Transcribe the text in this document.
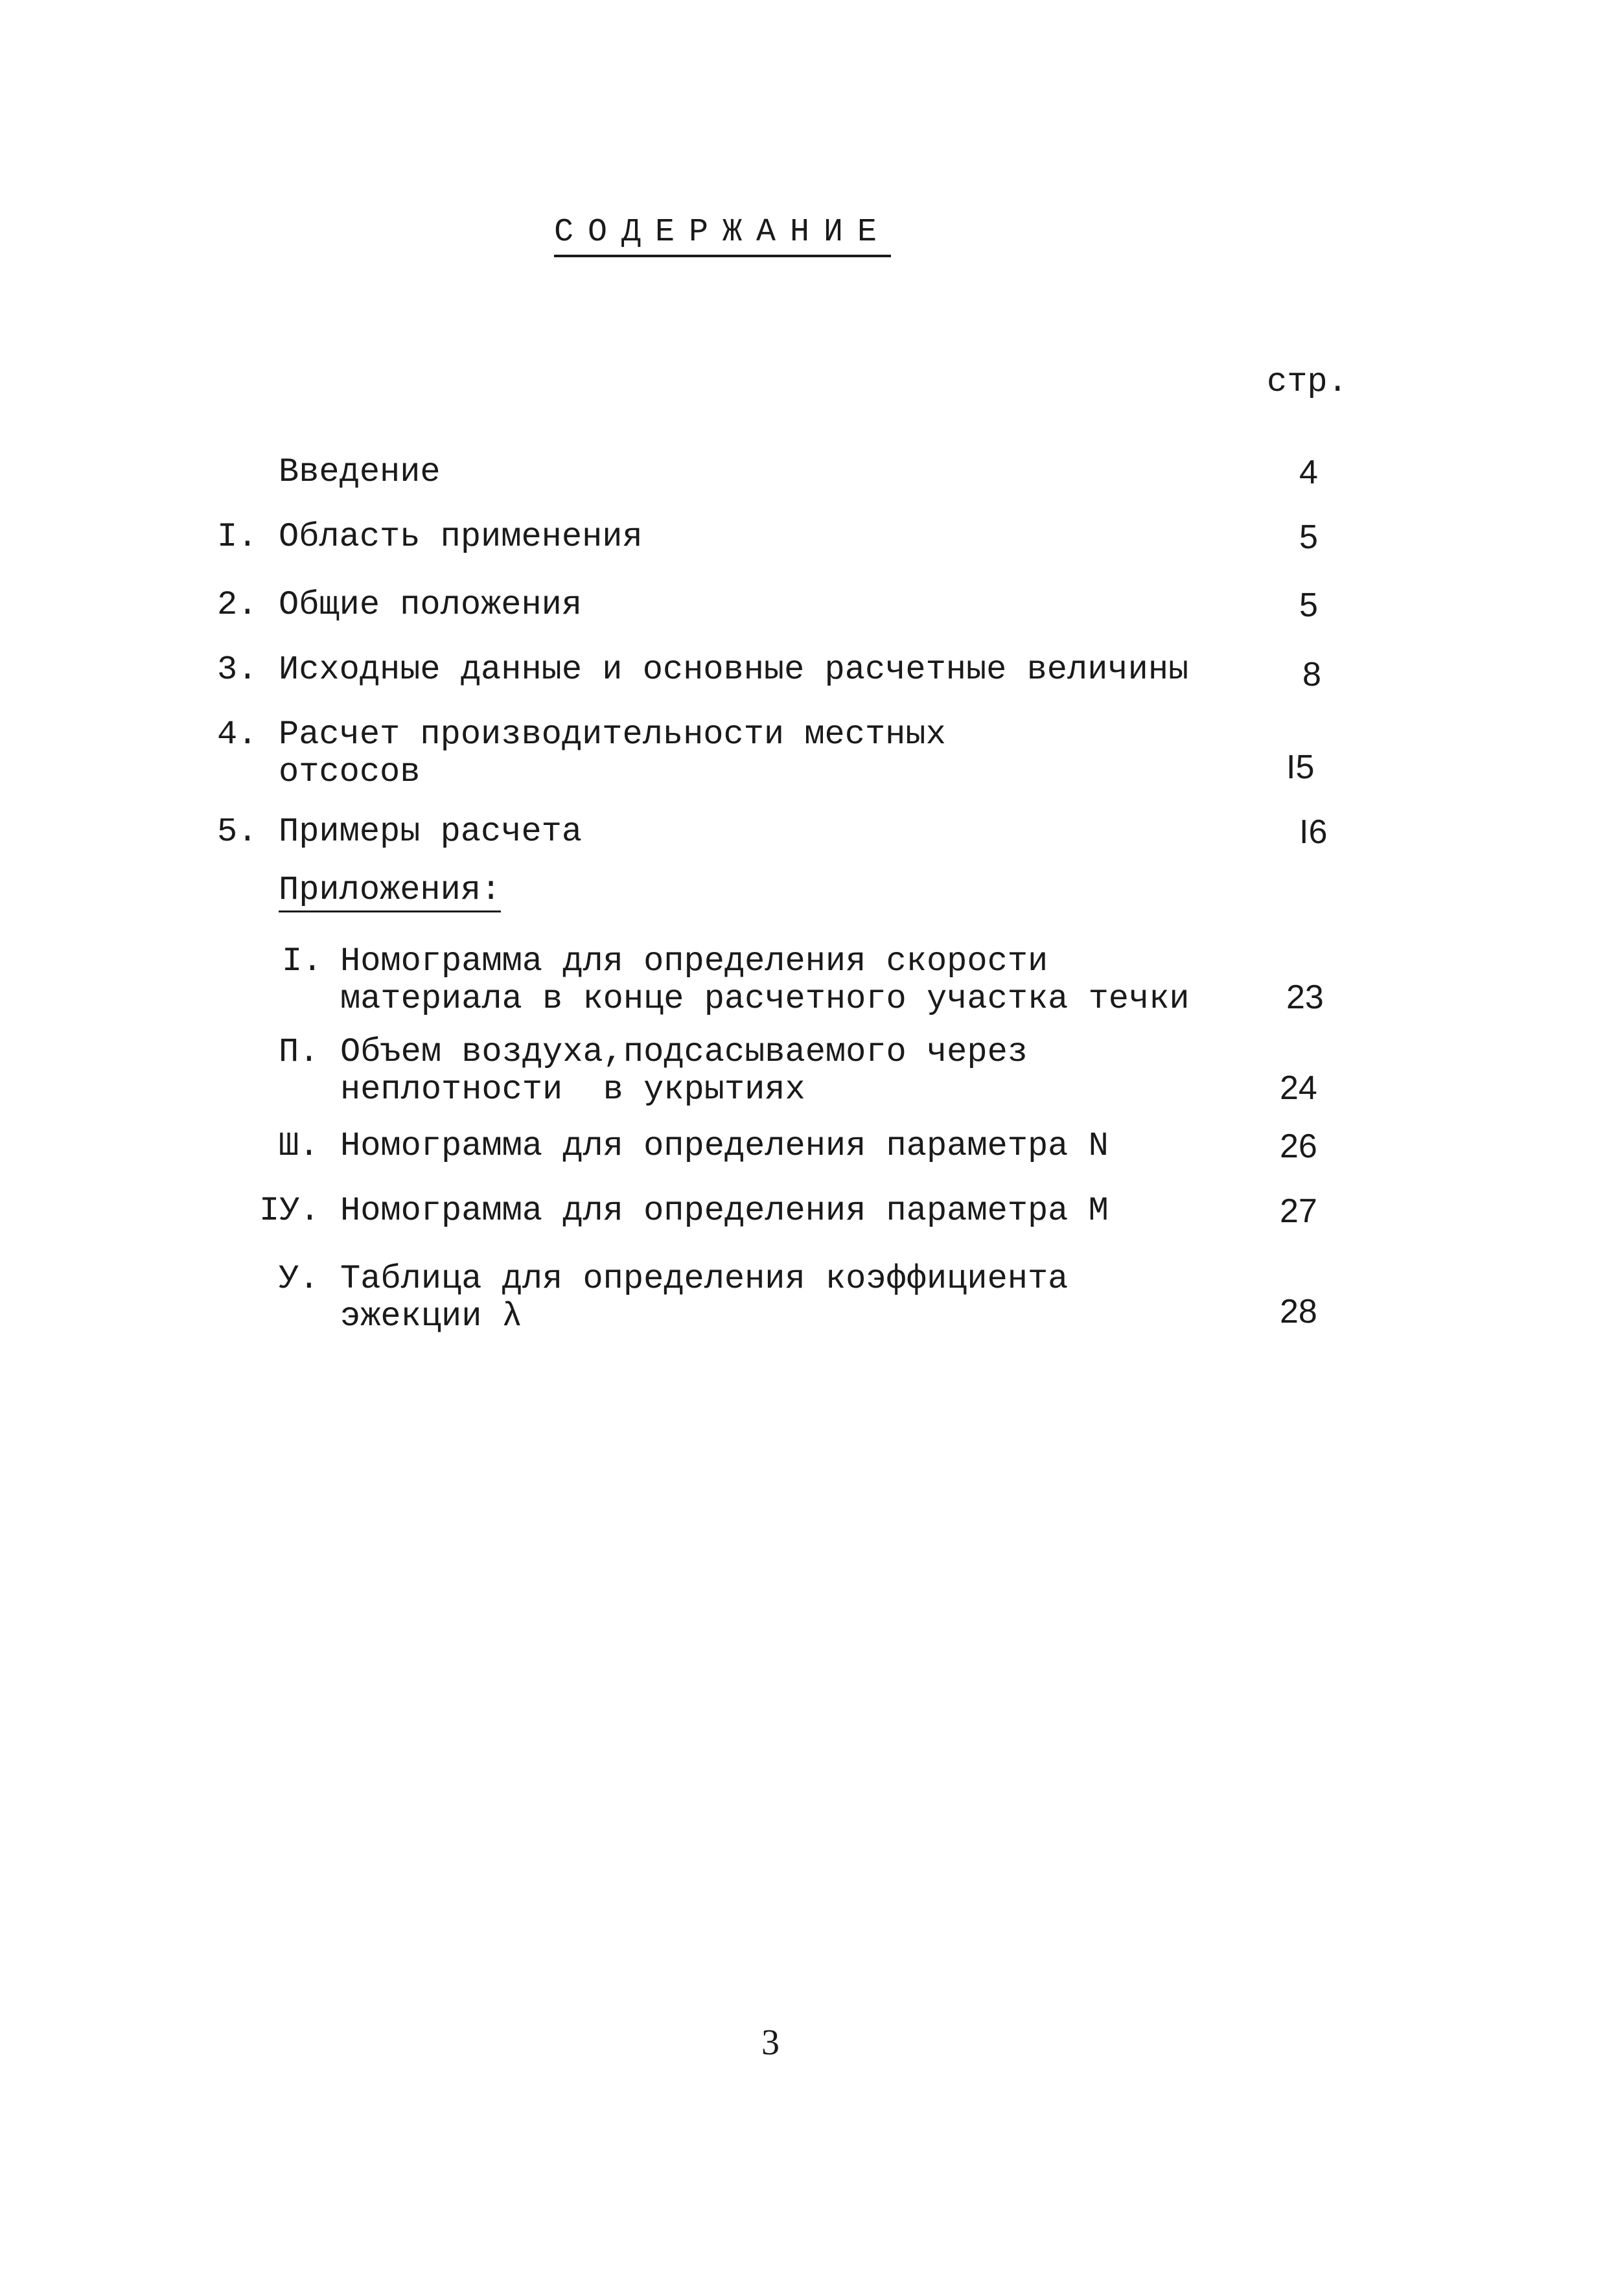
СОДЕРЖАНИЕ
стр.
Введение	4
I. Область применения	5
2. Общие положения	5
3. Исходные данные и основные расчетные величины	8
4. Расчет производительности местных
отсосов	I5
5. Примеры расчета	I6
Приложения:
I. Номограмма для определения скорости
материала в конце расчетного участка течки	23
П. Объем воздуха,подсасываемого через
неплотности  в укрытиях	24
Ш. Номограмма для определения параметра Ν	26
IУ. Номограмма для определения параметра М	27
У. Таблица для определения коэффициента
эжекции λ	28
3
